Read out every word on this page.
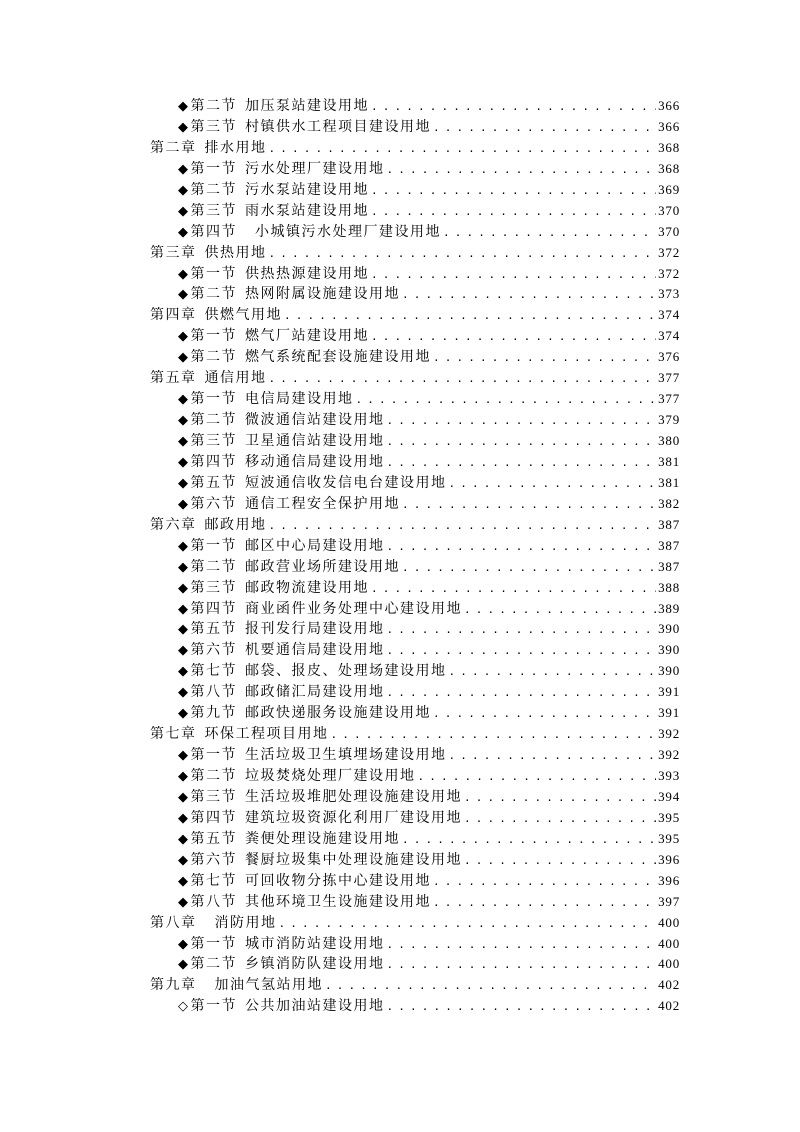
◆ 第二节 加压泵站建设用地 . . .	366
◆ 第三节 村镇供水工程项目建设用地 . . .	366
第二章 排水用地 . . .	368
◆ 第一节 污水处理厂建设用地 . . .	368
◆ 第二节 污水泵站建设用地 . . .	369
◆ 第三节 雨水泵站建设用地 . . .	370
◆ 第四节 小城镇污水处理厂建设用地 . . .	370
第三章 供热用地 . . .	372
◆ 第一节 供热热源建设用地 . . .	372
◆ 第二节 热网附属设施建设用地 . . .	373
第四章 供燃气用地 . . .	374
◆ 第一节 燃气厂站建设用地 . . .	374
◆ 第二节 燃气系统配套设施建设用地 . . .	376
第五章 通信用地 . . .	377
◆ 第一节 电信局建设用地 . . .	377
◆ 第二节 微波通信站建设用地 . . .	379
◆ 第三节 卫星通信站建设用地 . . .	380
◆ 第四节 移动通信局建设用地 . . .	381
◆ 第五节 短波通信收发信电台建设用地 . . .	381
◆ 第六节 通信工程安全保护用地 . . .	382
第六章 邮政用地 . . .	387
◆ 第一节 邮区中心局建设用地 . . .	387
◆ 第二节 邮政营业场所建设用地 . . .	387
◆ 第三节 邮政物流建设用地 . . .	388
◆ 第四节 商业函件业务处理中心建设用地 . . .	389
◆ 第五节 报刊发行局建设用地 . . .	390
◆ 第六节 机要通信局建设用地 . . .	390
◆ 第七节 邮袋、报皮、处理场建设用地 . . .	390
◆ 第八节 邮政储汇局建设用地 . . .	391
◆ 第九节 邮政快递服务设施建设用地 . . .	391
第七章 环保工程项目用地 . . .	392
◆ 第一节 生活垃圾卫生填埋场建设用地 . . .	392
◆ 第二节 垃圾焚烧处理厂建设用地 . . .	393
◆ 第三节 生活垃圾堆肥处理设施建设用地 . . .	394
◆ 第四节 建筑垃圾资源化利用厂建设用地 . . .	395
◆ 第五节 粪便处理设施建设用地 . . .	395
◆ 第六节 餐厨垃圾集中处理设施建设用地 . . .	396
◆ 第七节 可回收物分拣中心建设用地 . . .	396
◆ 第八节 其他环境卫生设施建设用地 . . .	397
第八章 消防用地 . . .	400
◆ 第一节 城市消防站建设用地 . . .	400
◆ 第二节 乡镇消防队建设用地 . . .	400
第九章 加油气氢站用地 . . .	402
◇ 第一节 公共加油站建设用地 . . .	402
